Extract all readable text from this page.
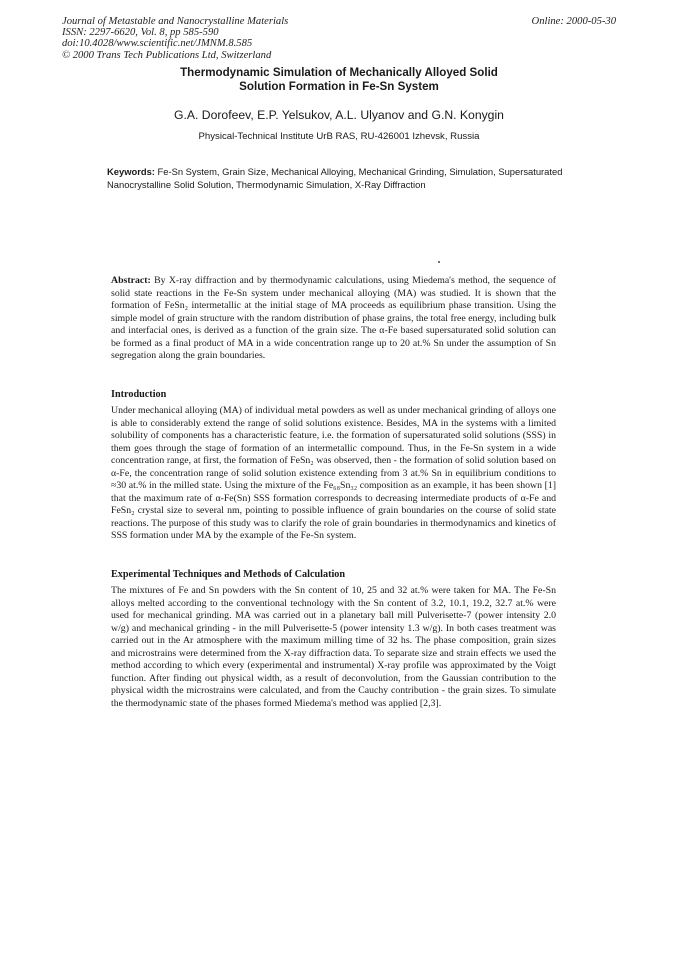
Journal of Metastable and Nanocrystalline Materials
ISSN: 2297-6620, Vol. 8, pp 585-590
doi:10.4028/www.scientific.net/JMNM.8.585
© 2000 Trans Tech Publications Ltd, Switzerland
Online: 2000-05-30
Thermodynamic Simulation of Mechanically Alloyed Solid
Solution Formation in Fe-Sn System
G.A. Dorofeev, E.P. Yelsukov, A.L. Ulyanov and G.N. Konygin
Physical-Technical Institute UrB RAS, RU-426001 Izhevsk, Russia
Keywords: Fe-Sn System, Grain Size, Mechanical Alloying, Mechanical Grinding, Simulation, Supersaturated Nanocrystalline Solid Solution, Thermodynamic Simulation, X-Ray Diffraction

Abstract: By X-ray diffraction and by thermodynamic calculations, using Miedema's method, the sequence of solid state reactions in the Fe-Sn system under mechanical alloying (MA) was studied. It is shown that the formation of FeSn₂ intermetallic at the initial stage of MA proceeds as equilibrium phase transition. Using the simple model of grain structure with the random distribution of phase grains, the total free energy, including bulk and interfacial ones, is derived as a function of the grain size. The α-Fe based supersaturated solid solution can be formed as a final product of MA in a wide concentration range up to 20 at.% Sn under the assumption of Sn segregation along the grain boundaries.

Introduction

Under mechanical alloying (MA) of individual metal powders as well as under mechanical grinding of alloys one is able to considerably extend the range of solid solutions existence. Besides, MA in the systems with a limited solubility of components has a characteristic feature, i.e. the formation of supersaturated solid solutions (SSS) in them goes through the stage of formation of an intermetallic compound. Thus, in the Fe-Sn system in a wide concentration range, at first, the formation of FeSn₂ was observed, then - the formation of solid solution based on α-Fe, the concentration range of solid solution existence extending from 3 at.% Sn in equilibrium conditions to ≈30 at.% in the milled state. Using the mixture of the Fe₆₈Sn₃₂ composition as an example, it has been shown [1] that the maximum rate of α-Fe(Sn) SSS formation corresponds to decreasing intermediate products of α-Fe and FeSn₂ crystal size to several nm, pointing to possible influence of grain boundaries on the course of solid state reactions. The purpose of this study was to clarify the role of grain boundaries in thermodynamics and kinetics of SSS formation under MA by the example of the Fe-Sn system.

Experimental Techniques and Methods of Calculation

The mixtures of Fe and Sn powders with the Sn content of 10, 25 and 32 at.% were taken for MA. The Fe-Sn alloys melted according to the conventional technology with the Sn content of 3.2, 10.1, 19.2, 32.7 at.% were used for mechanical grinding. MA was carried out in a planetary ball mill Pulverisette-7 (power intensity 2.0 w/g) and mechanical grinding - in the mill Pulverisette-5 (power intensity 1.3 w/g). In both cases treatment was carried out in the Ar atmosphere with the maximum milling time of 32 hs. The phase composition, grain sizes and microstrains were determined from the X-ray diffraction data. To separate size and strain effects we used the method according to which every (experimental and instrumental) X-ray profile was approximated by the Voigt function. After finding out physical width, as a result of deconvolution, from the Gaussian contribution to the physical width the microstrains were calculated, and from the Cauchy contribution - the grain sizes. To simulate the thermodynamic state of the phases formed Miedema's method was applied [2,3].
